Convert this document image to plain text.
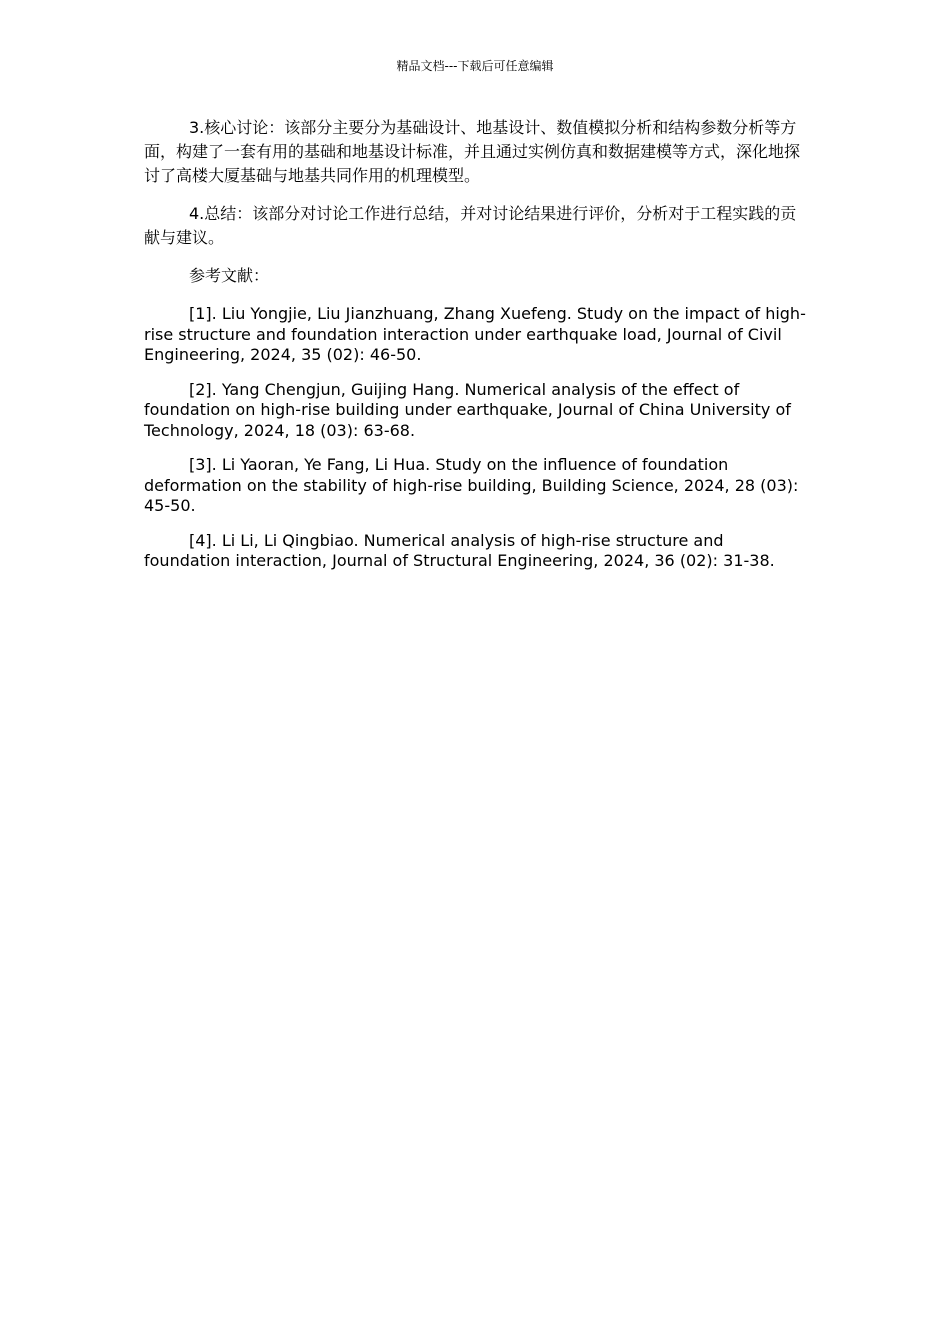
精品文档---下载后可任意编辑

3.核心讨论：该部分主要分为基础设计、地基设计、数值模拟分析和结构参数分析等方面，构建了一套有用的基础和地基设计标准，并且通过实例仿真和数据建模等方式，深化地探讨了高楼大厦基础与地基共同作用的机理模型。

4.总结：该部分对讨论工作进行总结，并对讨论结果进行评价，分析对于工程实践的贡献与建议。

参考文献：

[1]. Liu Yongjie, Liu Jianzhuang, Zhang Xuefeng. Study on the impact of high-rise structure and foundation interaction under earthquake load, Journal of Civil Engineering, 2024, 35 (02): 46-50.

[2]. Yang Chengjun, Guijing Hang. Numerical analysis of the effect of foundation on high-rise building under earthquake, Journal of China University of Technology, 2024, 18 (03): 63-68.

[3]. Li Yaoran, Ye Fang, Li Hua. Study on the influence of foundation deformation on the stability of high-rise building, Building Science, 2024, 28 (03): 45-50.

[4]. Li Li, Li Qingbiao. Numerical analysis of high-rise structure and foundation interaction, Journal of Structural Engineering, 2024, 36 (02): 31-38.
